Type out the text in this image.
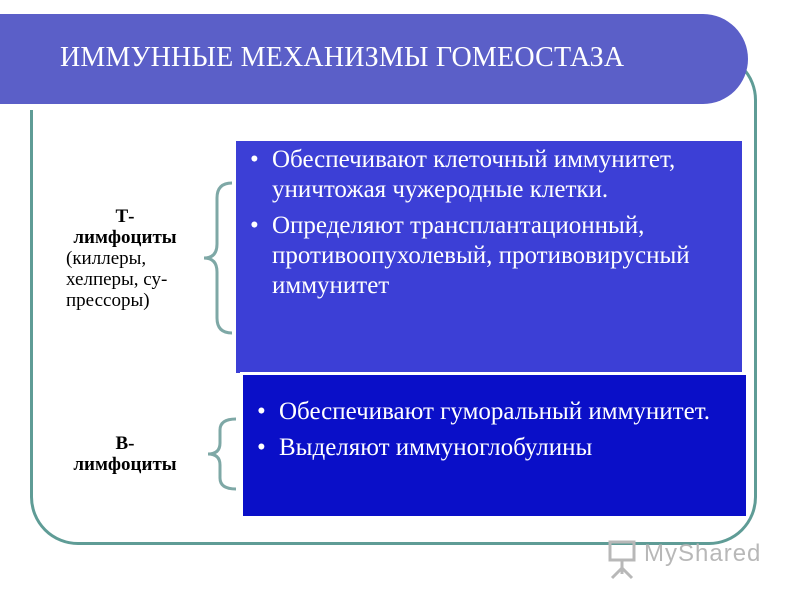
ИММУННЫЕ МЕХАНИЗМЫ ГОМЕОСТАЗА
Т-лимфоциты
(киллеры, хелперы, су-прессоры)
• Обеспечивают клеточный иммунитет, уничтожая чужеродные клетки.
• Определяют трансплантационный, противоопухолевый, противовирусный иммунитет
В-лимфоциты
• Обеспечивают гуморальный иммунитет.
• Выделяют иммуноглобулины
MyShared
